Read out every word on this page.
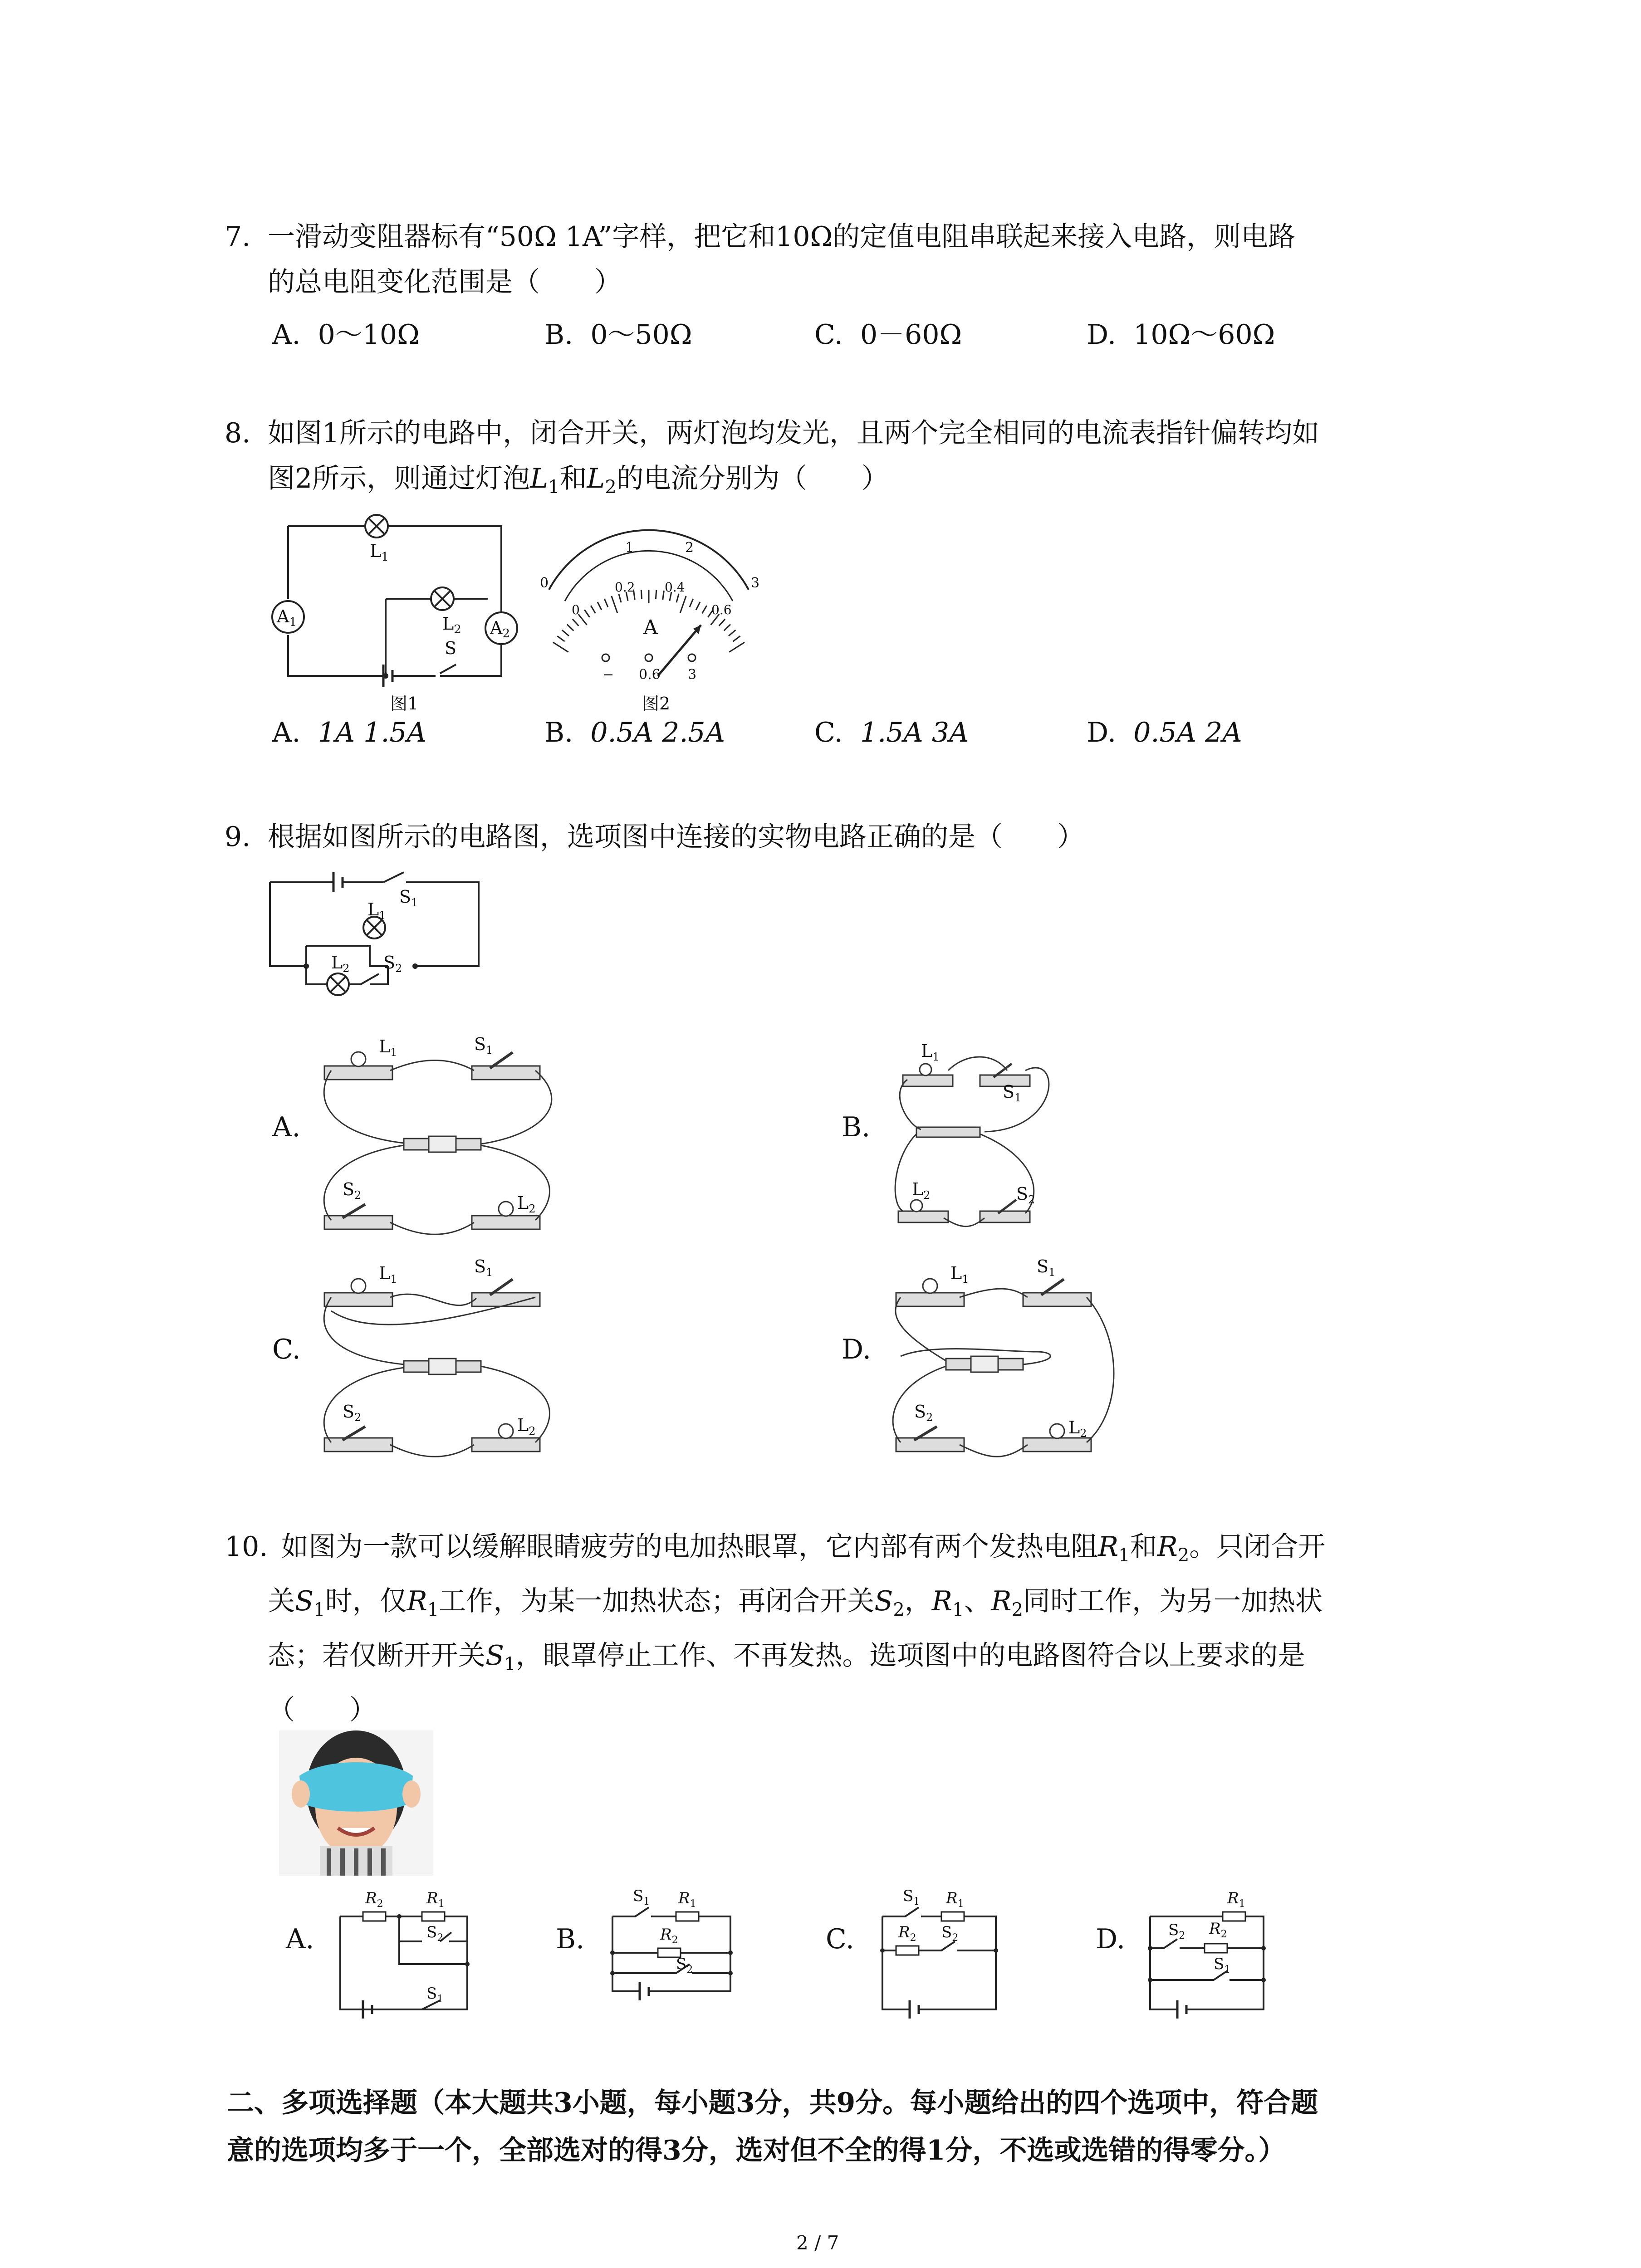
7. 一滑动变阻器标有“50Ω 1A”字样，把它和10Ω的定值电阻串联起来接入电路，则电路
的总电阻变化范围是（　　）
A. 0～10Ω	B. 0～50Ω	C. 0－60Ω	D. 10Ω～60Ω
8. 如图1所示的电路中，闭合开关，两灯泡均发光，且两个完全相同的电流表指针偏转均如
图2所示，则通过灯泡$L_1$和$L_2$的电流分别为（　　）
$L_1$
$L_2$
$A_1$	$A_2$
S
图1
0
1	2
3
0
0.2 0.4
0.6
A
− 0.6 3
图2
A. 1A 1.5A	B. 0.5A 2.5A	C. 1.5A 3A	D. 0.5A 2A
9. 根据如图所示的电路图，选项图中连接的实物电路正确的是（　　）
$S_1$
$L_1$
$L_2$ $S_2$
A.	B.
C.	D.
$L_1$	$S_1$
$S_2$	$L_2$
$L_1$
$S_1$
$L_2$	$S_2$
$L_1$
$S_1$
$S_2$	$L_2$
$L_1$
$S_1$
$S_2$	$L_2$
10. 如图为一款可以缓解眼睛疲劳的电加热眼罩，它内部有两个发热电阻$R_1$和$R_2$。只闭合开
关$S_1$时，仅$R_1$工作，为某一加热状态；再闭合开关$S_2$，$R_1$、$R_2$同时工作，为另一加热状
态；若仅断开开关$S_1$，眼罩停止工作、不再发热。选项图中的电路图符合以上要求的是
（　　）
A.	B.	C.	D.
$R_2$	$R_1$
$S_2$
$S_1$
$S_1$ $R_1$
$R_2$
$S_2$
$S_1$ $R_1$
$R_2$ $S_2$
$R_1$
$S_2$ $R_2$
$S_1$
二、多项选择题（本大题共3小题，每小题3分，共9分。每小题给出的四个选项中，符合题
意的选项均多于一个，全部选对的得3分，选对但不全的得1分，不选或选错的得零分。）
2 / 7
